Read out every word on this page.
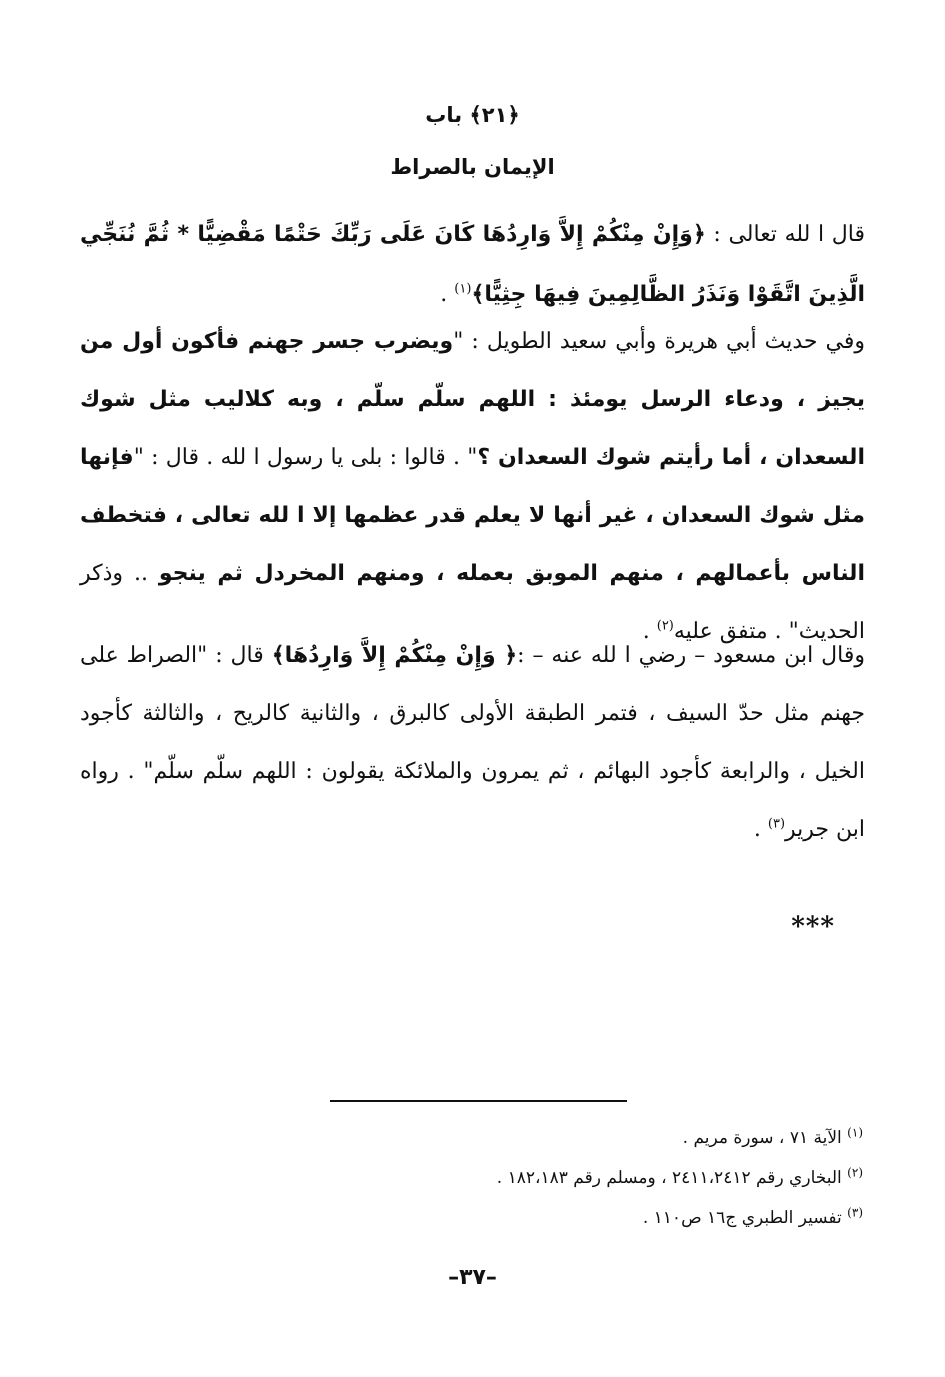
﴿٢١﴾ باب
الإيمان بالصراط

قال ا لله تعالى : ﴿وَإِنْ مِنْكُمْ إِلاَّ وَارِدُهَا كَانَ عَلَى رَبِّكَ حَتْمًا مَقْضِيًّا * ثُمَّ نُنَجِّي الَّذِينَ اتَّقَوْا وَنَذَرُ الظَّالِمِينَ فِيهَا جِثِيًّا﴾$^{(١)}$ .

وفي حديث أبي هريرة وأبي سعيد الطويل : "ويضرب جسر جهنم فأكون أول من يجيز ، ودعاء الرسل يومئذ : اللهم سلّم سلّم ، وبه كلاليب مثل شوك السعدان ، أما رأيتم شوك السعدان ؟" . قالوا : بلى يا رسول ا لله . قال : "فإنها مثل شوك السعدان ، غير أنها لا يعلم قدر عظمها إلا ا لله تعالى ، فتخطف الناس بأعمالهم ، منهم الموبق بعمله ، ومنهم المخردل ثم ينجو .. وذكر الحديث" . متفق عليه$^{(٢)}$ .

وقال ابن مسعود – رضي ا لله عنه – :﴿ وَإِنْ مِنْكُمْ إِلاَّ وَارِدُهَا﴾ قال : "الصراط على جهنم مثل حدّ السيف ، فتمر الطبقة الأولى كالبرق ، والثانية كالريح ، والثالثة كأجود الخيل ، والرابعة كأجود البهائم ، ثم يمرون والملائكة يقولون : اللهم سلّم سلّم" . رواه ابن جرير$^{(٣)}$ .

***
$^{(١)}$ الآية ٧١ ، سورة مريم .
$^{(٢)}$ البخاري رقم ٢٤١١،٢٤١٢ ، ومسلم رقم ١٨٢،١٨٣ .
$^{(٣)}$ تفسير الطبري ج١٦ ص١١٠ .
–٣٧–
